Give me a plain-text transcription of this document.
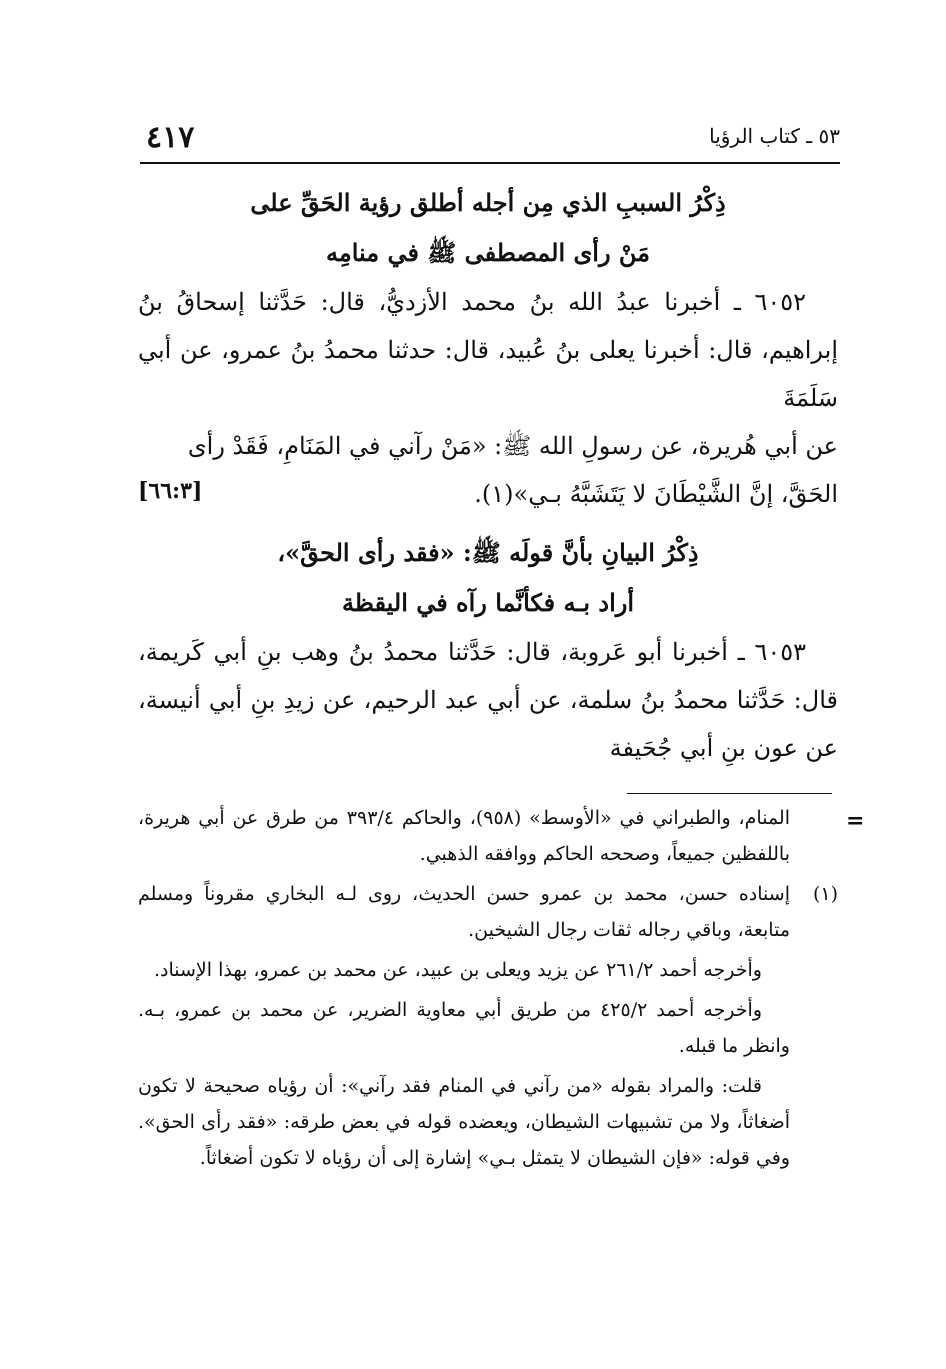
٥٣ ـ كتاب الرؤيا
٤١٧

ذِكْرُ السببِ الذي مِن أجله أطلق رؤية الحَقِّ على

مَنْ رأى المصطفى ﷺ في منامِه

٦٠٥٢ ـ أخبرنا عبدُ الله بنُ محمد الأزديُّ، قال: حَدَّثنا إسحاقُ بنُ إبراهيم، قال: أخبرنا يعلى بنُ عُبيد، قال: حدثنا محمدُ بنُ عمرو، عن أبي سَلَمَةَ

عن أبي هُريرة، عن رسولِ الله ﷺ: «مَنْ رآني في المَنَامِ، فَقَدْ رأى الحَقَّ، إنَّ الشَّيْطَانَ لا يَتَشَبَّهُ بـي»(١).

[٦٦:٣]

ذِكْرُ البيانِ بأنَّ قولَه ﷺ: «فقد رأى الحقَّ»،

أراد بـه فكأنَّما رآه في اليقظة

٦٠٥٣ ـ أخبرنا أبو عَروبة، قال: حَدَّثنا محمدُ بنُ وهب بنِ أبي كَريمة، قال: حَدَّثنا محمدُ بنُ سلمة، عن أبي عبد الرحيم، عن زيدِ بنِ أبي أنيسة، عن عون بنِ أبي جُحَيفة

=

المنام، والطبراني في «الأوسط» (٩٥٨)، والحاكم ٣٩٣/٤ من طرق عن أبي هريرة، باللفظين جميعاً، وصححه الحاكم ووافقه الذهبي.

(١)
إسناده حسن، محمد بن عمرو حسن الحديث، روى لـه البخاري مقروناً ومسلم متابعة، وباقي رجاله ثقات رجال الشيخين.

وأخرجه أحمد ٢٦١/٢ عن يزيد ويعلى بن عبيد، عن محمد بن عمرو، بهذا الإسناد.

وأخرجه أحمد ٤٢٥/٢ من طريق أبي معاوية الضرير، عن محمد بن عمرو، بـه. وانظر ما قبله.

قلت: والمراد بقوله «من رآني في المنام فقد رآني»: أن رؤياه صحيحة لا تكون أضغاثاً، ولا من تشبيهات الشيطان، ويعضده قوله في بعض طرقه: «فقد رأى الحق». وفي قوله: «فإن الشيطان لا يتمثل بـي» إشارة إلى أن رؤياه لا تكون أضغاثاً.
